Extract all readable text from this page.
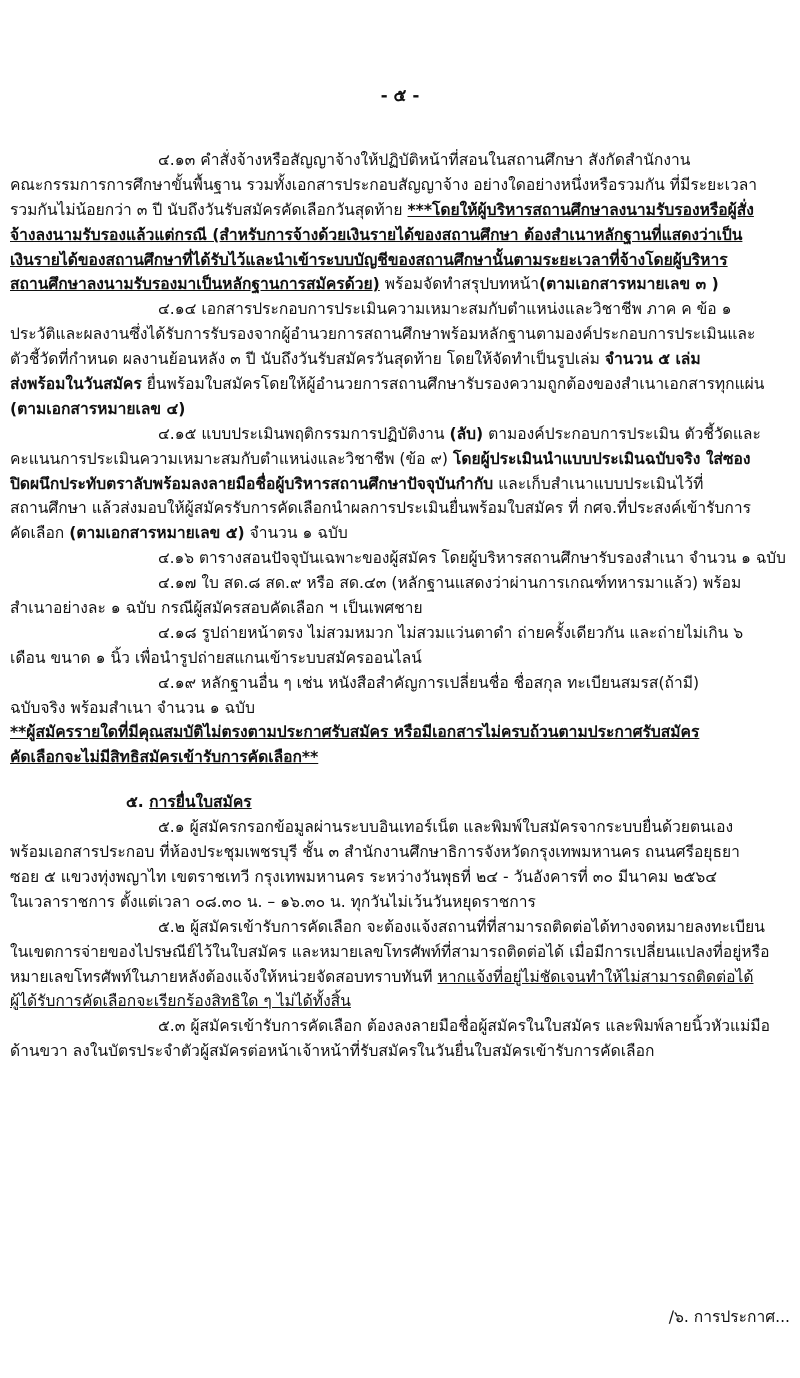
- ๕ -
๔.๑๓ คำสั่งจ้างหรือสัญญาจ้างให้ปฏิบัติหน้าที่สอนในสถานศึกษา สังกัดสำนักงาน
คณะกรรมการการศึกษาขั้นพื้นฐาน รวมทั้งเอกสารประกอบสัญญาจ้าง อย่างใดอย่างหนึ่งหรือรวมกัน ที่มีระยะเวลา
รวมกันไม่น้อยกว่า ๓ ปี นับถึงวันรับสมัครคัดเลือกวันสุดท้าย ***โดยให้ผู้บริหารสถานศึกษาลงนามรับรองหรือผู้สั่ง
จ้างลงนามรับรองแล้วแต่กรณี (สำหรับการจ้างด้วยเงินรายได้ของสถานศึกษา ต้องสำเนาหลักฐานที่แสดงว่าเป็น
เงินรายได้ของสถานศึกษาที่ได้รับไว้และนำเข้าระบบบัญชีของสถานศึกษานั้นตามระยะเวลาที่จ้างโดยผู้บริหาร
สถานศึกษาลงนามรับรองมาเป็นหลักฐานการสมัครด้วย) พร้อมจัดทำสรุปบทหน้า(ตามเอกสารหมายเลข ๓ )
๔.๑๔ เอกสารประกอบการประเมินความเหมาะสมกับตำแหน่งและวิชาชีพ ภาค ค ข้อ ๑
ประวัติและผลงานซึ่งได้รับการรับรองจากผู้อำนวยการสถานศึกษาพร้อมหลักฐานตามองค์ประกอบการประเมินและ
ตัวชี้วัดที่กำหนด ผลงานย้อนหลัง ๓ ปี นับถึงวันรับสมัครวันสุดท้าย โดยให้จัดทำเป็นรูปเล่ม จำนวน ๕ เล่ม
ส่งพร้อมในวันสมัคร ยื่นพร้อมใบสมัครโดยให้ผู้อำนวยการสถานศึกษารับรองความถูกต้องของสำเนาเอกสารทุกแผ่น
(ตามเอกสารหมายเลข ๔)
๔.๑๕ แบบประเมินพฤติกรรมการปฏิบัติงาน (ลับ) ตามองค์ประกอบการประเมิน ตัวชี้วัดและ
คะแนนการประเมินความเหมาะสมกับตำแหน่งและวิชาชีพ (ข้อ ๙) โดยผู้ประเมินนำแบบประเมินฉบับจริง ใส่ซอง
ปิดผนึกประทับตราลับพร้อมลงลายมือชื่อผู้บริหารสถานศึกษาปัจจุบันกำกับ และเก็บสำเนาแบบประเมินไว้ที่
สถานศึกษา แล้วส่งมอบให้ผู้สมัครรับการคัดเลือกนำผลการประเมินยื่นพร้อมใบสมัคร ที่ กศจ.ที่ประสงค์เข้ารับการ
คัดเลือก (ตามเอกสารหมายเลข ๕) จำนวน ๑ ฉบับ
๔.๑๖ ตารางสอนปัจจุบันเฉพาะของผู้สมัคร โดยผู้บริหารสถานศึกษารับรองสำเนา จำนวน ๑ ฉบับ
๔.๑๗ ใบ สด.๘ สด.๙ หรือ สด.๔๓ (หลักฐานแสดงว่าผ่านการเกณฑ์ทหารมาแล้ว) พร้อม
สำเนาอย่างละ ๑ ฉบับ กรณีผู้สมัครสอบคัดเลือก ฯ เป็นเพศชาย
๔.๑๘ รูปถ่ายหน้าตรง ไม่สวมหมวก ไม่สวมแว่นตาดำ ถ่ายครั้งเดียวกัน และถ่ายไม่เกิน ๖
เดือน ขนาด ๑ นิ้ว เพื่อนำรูปถ่ายสแกนเข้าระบบสมัครออนไลน์
๔.๑๙ หลักฐานอื่น ๆ เช่น หนังสือสำคัญการเปลี่ยนชื่อ ชื่อสกุล ทะเบียนสมรส(ถ้ามี)
ฉบับจริง พร้อมสำเนา จำนวน ๑ ฉบับ
**ผู้สมัครรายใดที่มีคุณสมบัติไม่ตรงตามประกาศรับสมัคร หรือมีเอกสารไม่ครบถ้วนตามประกาศรับสมัคร
คัดเลือกจะไม่มีสิทธิสมัครเข้ารับการคัดเลือก**
๕. การยื่นใบสมัคร
๕.๑ ผู้สมัครกรอกข้อมูลผ่านระบบอินเทอร์เน็ต และพิมพ์ใบสมัครจากระบบยื่นด้วยตนเอง
พร้อมเอกสารประกอบ ที่ห้องประชุมเพชรบุรี ชั้น ๓ สำนักงานศึกษาธิการจังหวัดกรุงเทพมหานคร ถนนศรีอยุธยา
ซอย ๕ แขวงทุ่งพญาไท เขตราชเทวี กรุงเทพมหานคร ระหว่างวันพุธที่ ๒๔ - วันอังคารที่ ๓๐ มีนาคม ๒๕๖๔
ในเวลาราชการ ตั้งแต่เวลา ๐๘.๓๐ น. – ๑๖.๓๐ น. ทุกวันไม่เว้นวันหยุดราชการ
๕.๒ ผู้สมัครเข้ารับการคัดเลือก จะต้องแจ้งสถานที่ที่สามารถติดต่อได้ทางจดหมายลงทะเบียน
ในเขตการจ่ายของไปรษณีย์ไว้ในใบสมัคร และหมายเลขโทรศัพท์ที่สามารถติดต่อได้ เมื่อมีการเปลี่ยนแปลงที่อยู่หรือ
หมายเลขโทรศัพท์ในภายหลังต้องแจ้งให้หน่วยจัดสอบทราบทันที หากแจ้งที่อยู่ไม่ชัดเจนทำให้ไม่สามารถติดต่อได้
ผู้ได้รับการคัดเลือกจะเรียกร้องสิทธิใด ๆ ไม่ได้ทั้งสิ้น
๕.๓ ผู้สมัครเข้ารับการคัดเลือก ต้องลงลายมือชื่อผู้สมัครในใบสมัคร และพิมพ์ลายนิ้วหัวแม่มือ
ด้านขวา ลงในบัตรประจำตัวผู้สมัครต่อหน้าเจ้าหน้าที่รับสมัครในวันยื่นใบสมัครเข้ารับการคัดเลือก
/๖. การประกาศ...
